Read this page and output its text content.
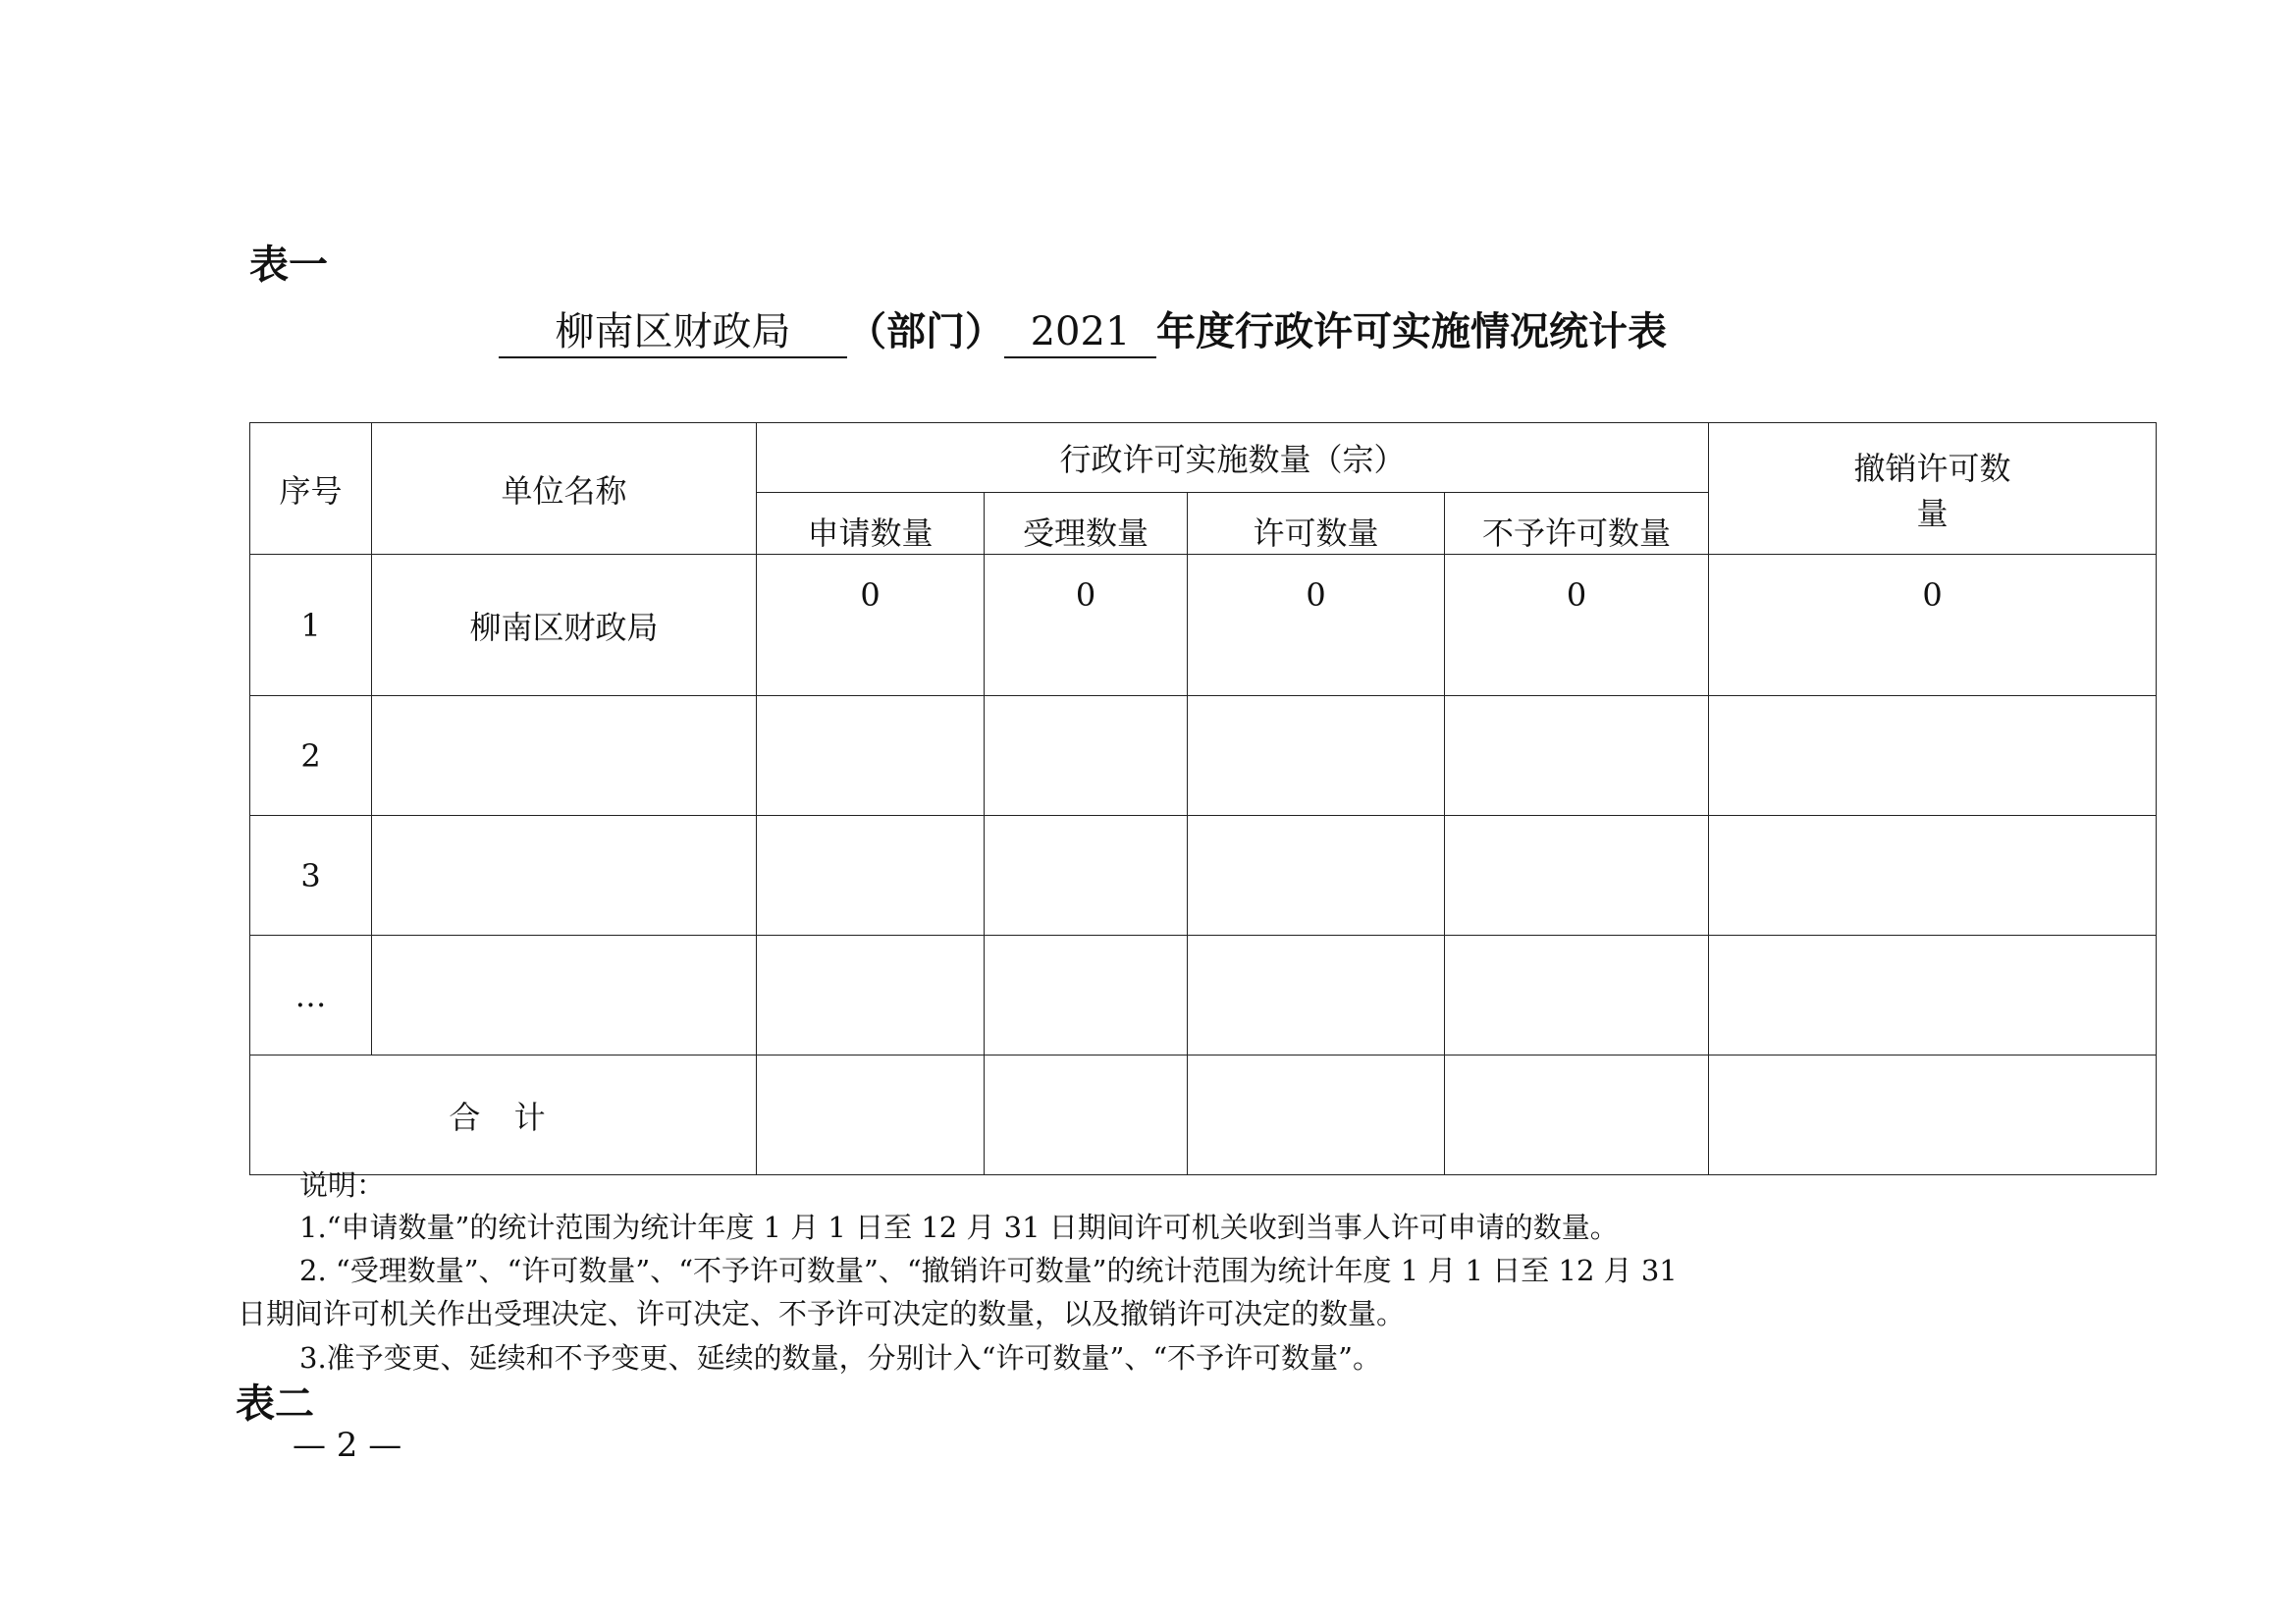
表一
柳南区财政局 （部门） 2021 年度行政许可实施情况统计表
序号	单位名称	行政许可实施数量（宗）				撤销许可数
量

		申请数量	受理数量	许可数量	不予许可数量	
1	柳南区财政局	0	0	0	0	0
2						
3						
…						
合 计						
说明：
1.“申请数量”的统计范围为统计年度 1 月 1 日至 12 月 31 日期间许可机关收到当事人许可申请的数量。
2. “受理数量”、“许可数量”、“不予许可数量”、“撤销许可数量”的统计范围为统计年度 1 月 1 日至 12 月 31
日期间许可机关作出受理决定、许可决定、不予许可决定的数量，以及撤销许可决定的数量。
3.准予变更、延续和不予变更、延续的数量，分别计入“许可数量”、“不予许可数量”。
表二
— 2 —
